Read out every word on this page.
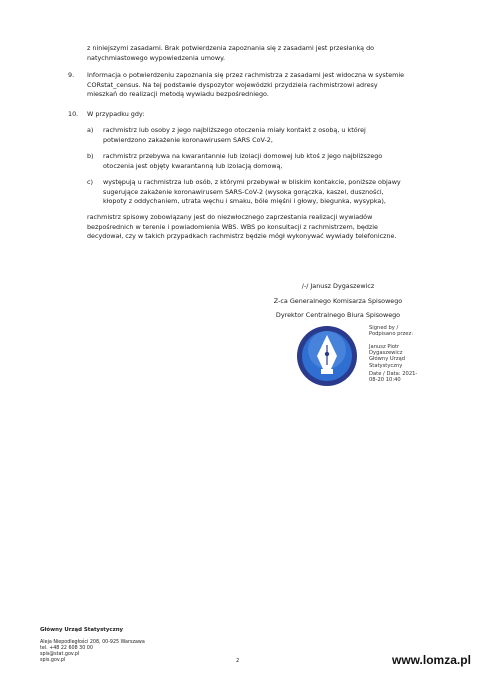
z niniejszymi zasadami. Brak potwierdzenia zapoznania się z zasadami jest przesłanką do
natychmiastowego wypowiedzenia umowy.
9. Informacja o potwierdzeniu zapoznania się przez rachmistrza z zasadami jest widoczna w systemie
CORstat_census. Na tej podstawie dyspozytor wojewódzki przydziela rachmistrzowi adresy
mieszkań do realizacji metodą wywiadu bezpośredniego.
10. W przypadku gdy:
a) rachmistrz lub osoby z jego najbliższego otoczenia miały kontakt z osobą, u której
potwierdzono zakażenie koronawirusem SARS CoV-2,
b) rachmistrz przebywa na kwarantannie lub izolacji domowej lub ktoś z jego najbliższego
otoczenia jest objęty kwarantanną lub izolacją domową,
c) występują u rachmistrza lub osób, z którymi przebywał w bliskim kontakcie, poniższe objawy
sugerujące zakażenie koronawirusem SARS-CoV-2 (wysoka gorączka, kaszel, duszności,
kłopoty z oddychaniem, utrata węchu i smaku, bóle mięśni i głowy, biegunka, wysypka),
rachmistrz spisowy zobowiązany jest do niezwłocznego zaprzestania realizacji wywiadów
bezpośrednich w terenie i powiadomienia WBS. WBS po konsultacji z rachmistrzem, będzie
decydował, czy w takich przypadkach rachmistrz będzie mógł wykonywać wywiady telefoniczne.
/-/ Janusz Dygaszewicz
Z-ca Generalnego Komisarza Spisowego
Dyrektor Centralnego Biura Spisowego
Signed by /
Podpisano przez:
Janusz Piotr
Dygaszewicz
Główny Urząd
Statystyczny
Date / Data: 2021-
08-20 10:40
Główny Urząd Statystyczny
Aleja Niepodległości 208, 00-925 Warszawa
tel. +48 22 608 30 00
spis@stat.gov.pl
spis.gov.pl	2	www.lomza.pl
